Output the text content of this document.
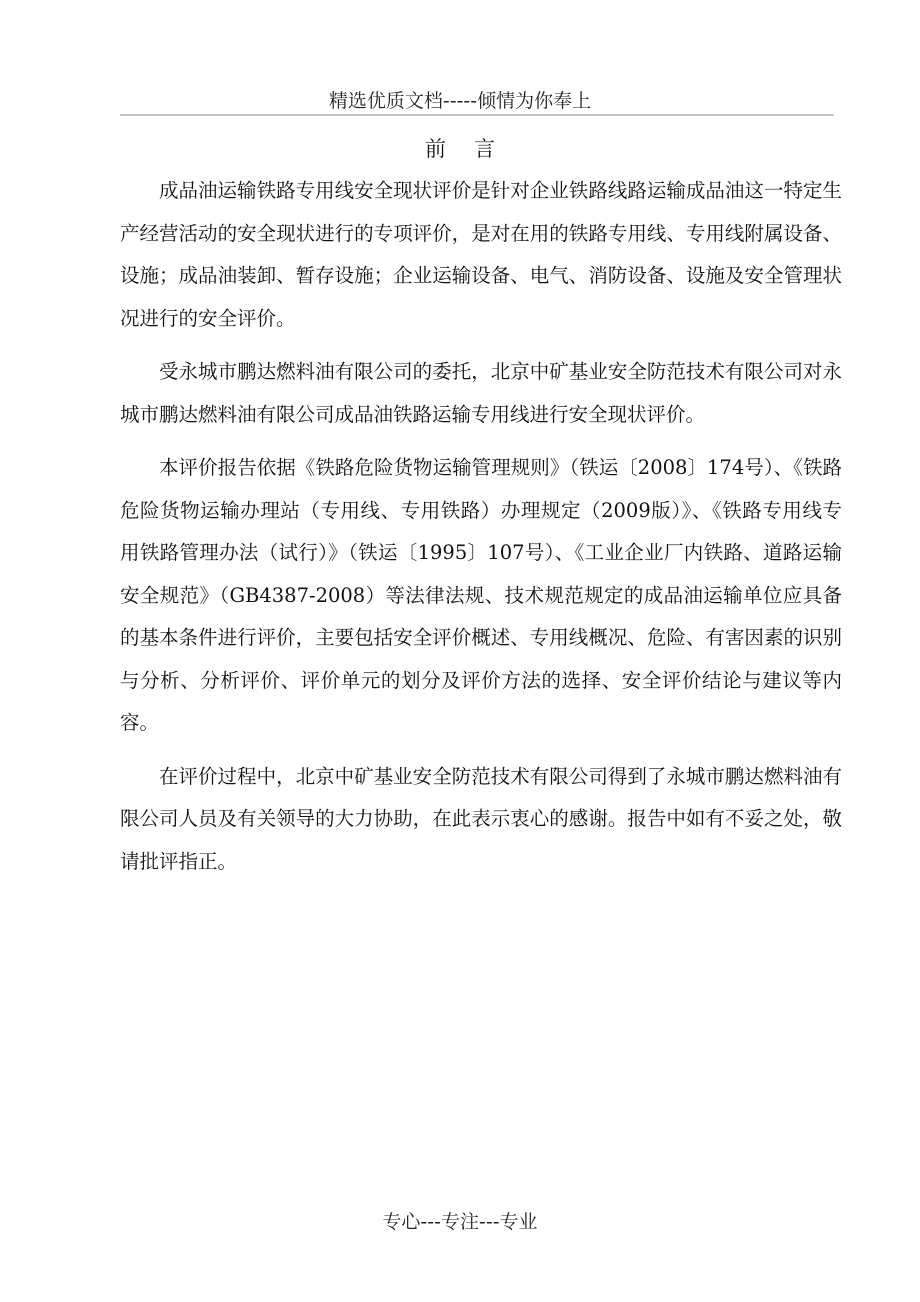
精选优质文档-----倾情为你奉上
前 言

成品油运输铁路专用线安全现状评价是针对企业铁路线路运输成品油这一特定生产经营活动的安全现状进行的专项评价，是对在用的铁路专用线、专用线附属设备、设施；成品油装卸、暂存设施；企业运输设备、电气、消防设备、设施及安全管理状况进行的安全评价。

受永城市鹏达燃料油有限公司的委托，北京中矿基业安全防范技术有限公司对永城市鹏达燃料油有限公司成品油铁路运输专用线进行安全现状评价。

本评价报告依据《铁路危险货物运输管理规则》（铁运〔2008〕174号）、《铁路危险货物运输办理站（专用线、专用铁路）办理规定（2009版）》、《铁路专用线专用铁路管理办法（试行）》（铁运〔1995〕107号）、《工业企业厂内铁路、道路运输安全规范》（GB4387-2008）等法律法规、技术规范规定的成品油运输单位应具备的基本条件进行评价，主要包括安全评价概述、专用线概况、危险、有害因素的识别与分析、分析评价、评价单元的划分及评价方法的选择、安全评价结论与建议等内容。

在评价过程中，北京中矿基业安全防范技术有限公司得到了永城市鹏达燃料油有限公司人员及有关领导的大力协助，在此表示衷心的感谢。报告中如有不妥之处，敬请批评指正。

专心---专注---专业
